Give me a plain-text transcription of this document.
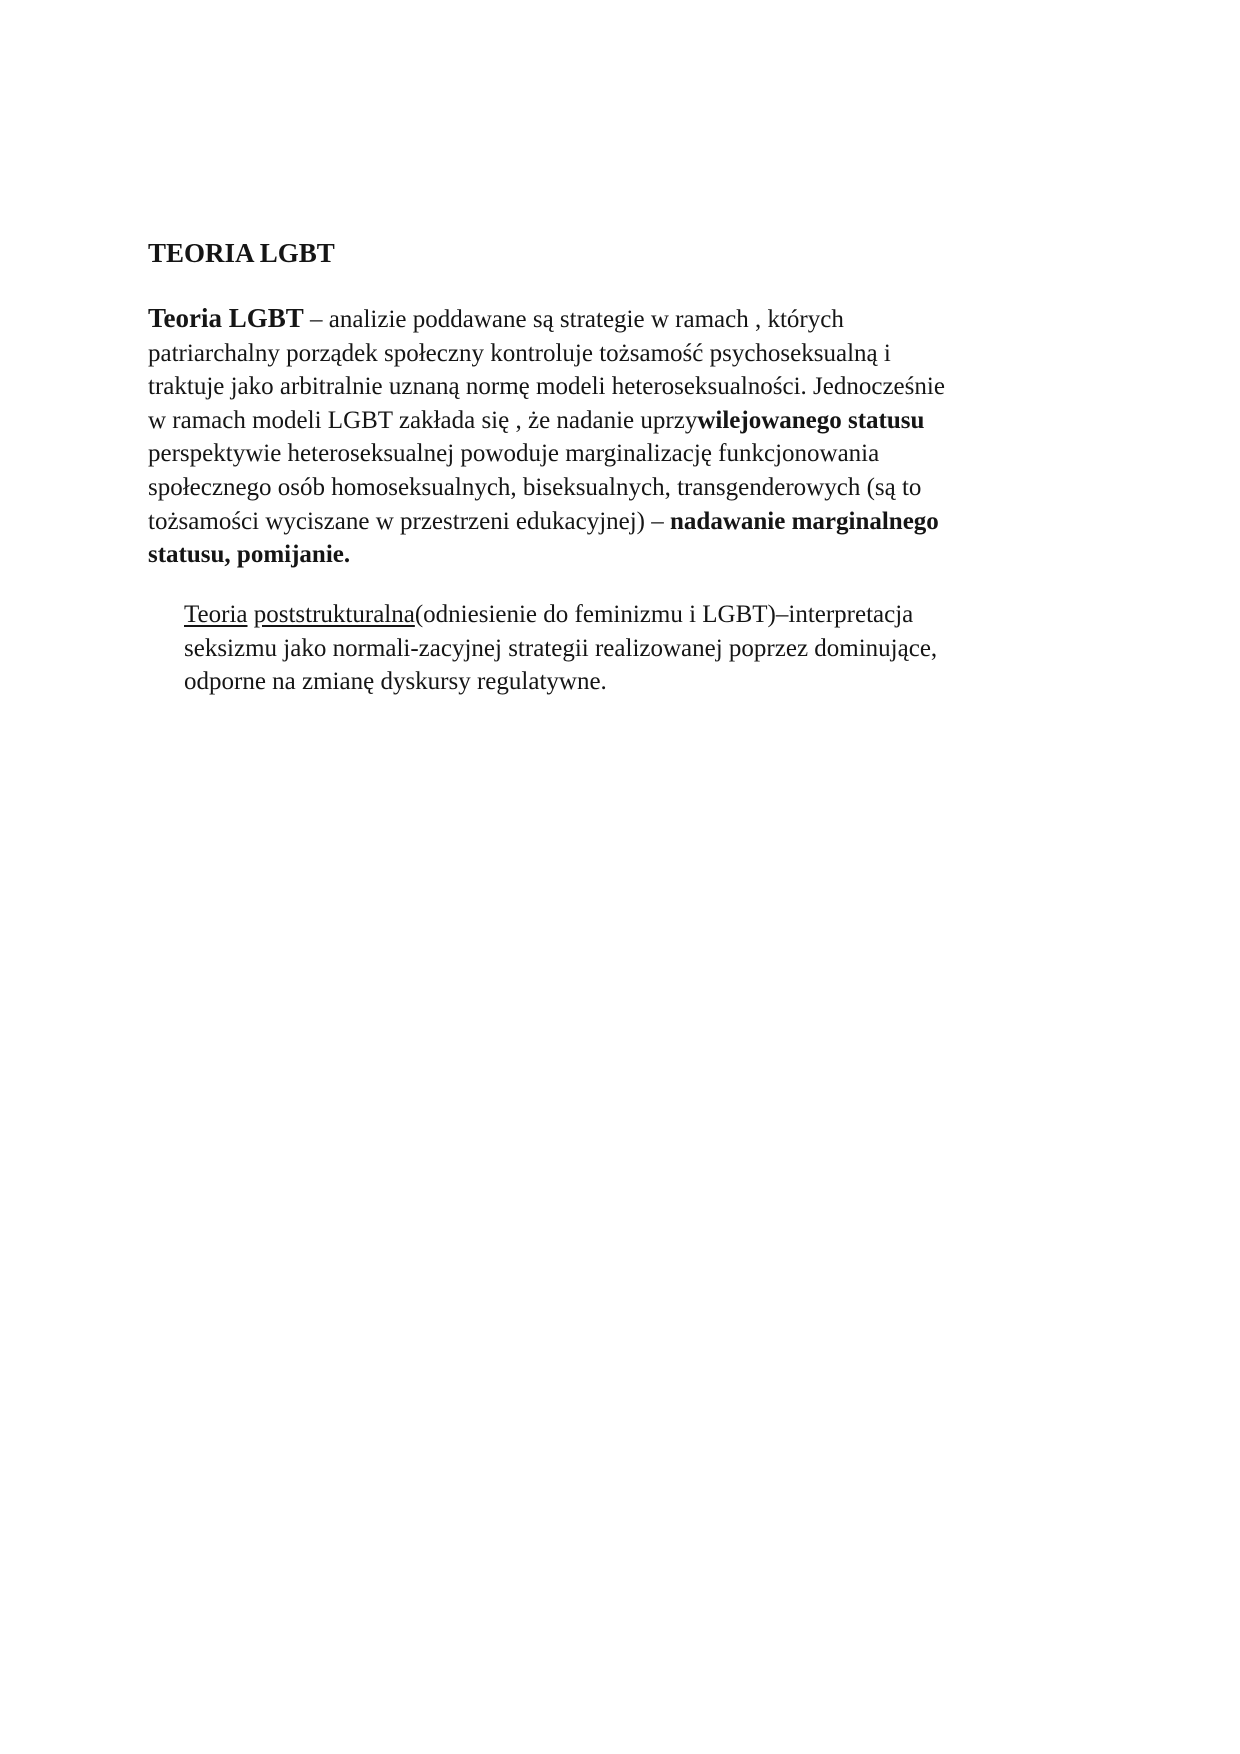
TEORIA LGBT

Teoria LGBT – analizie poddawane są strategie w ramach , których
patriarchalny porządek społeczny kontroluje tożsamość psychoseksualną i
traktuje jako arbitralnie uznaną normę modeli heteroseksualności. Jednocześnie
w ramach modeli LGBT zakłada się , że nadanie uprzywilejowanego statusu
perspektywie heteroseksualnej powoduje marginalizację funkcjonowania
społecznego osób homoseksualnych, biseksualnych, transgenderowych (są to
tożsamości wyciszane w przestrzeni edukacyjnej) – nadawanie marginalnego
statusu, pomijanie.

Teoria poststrukturalna(odniesienie do feminizmu i LGBT)–interpretacja
seksizmu jako normali-zacyjnej strategii realizowanej poprzez dominujące,
odporne na zmianę dyskursy regulatywne.
